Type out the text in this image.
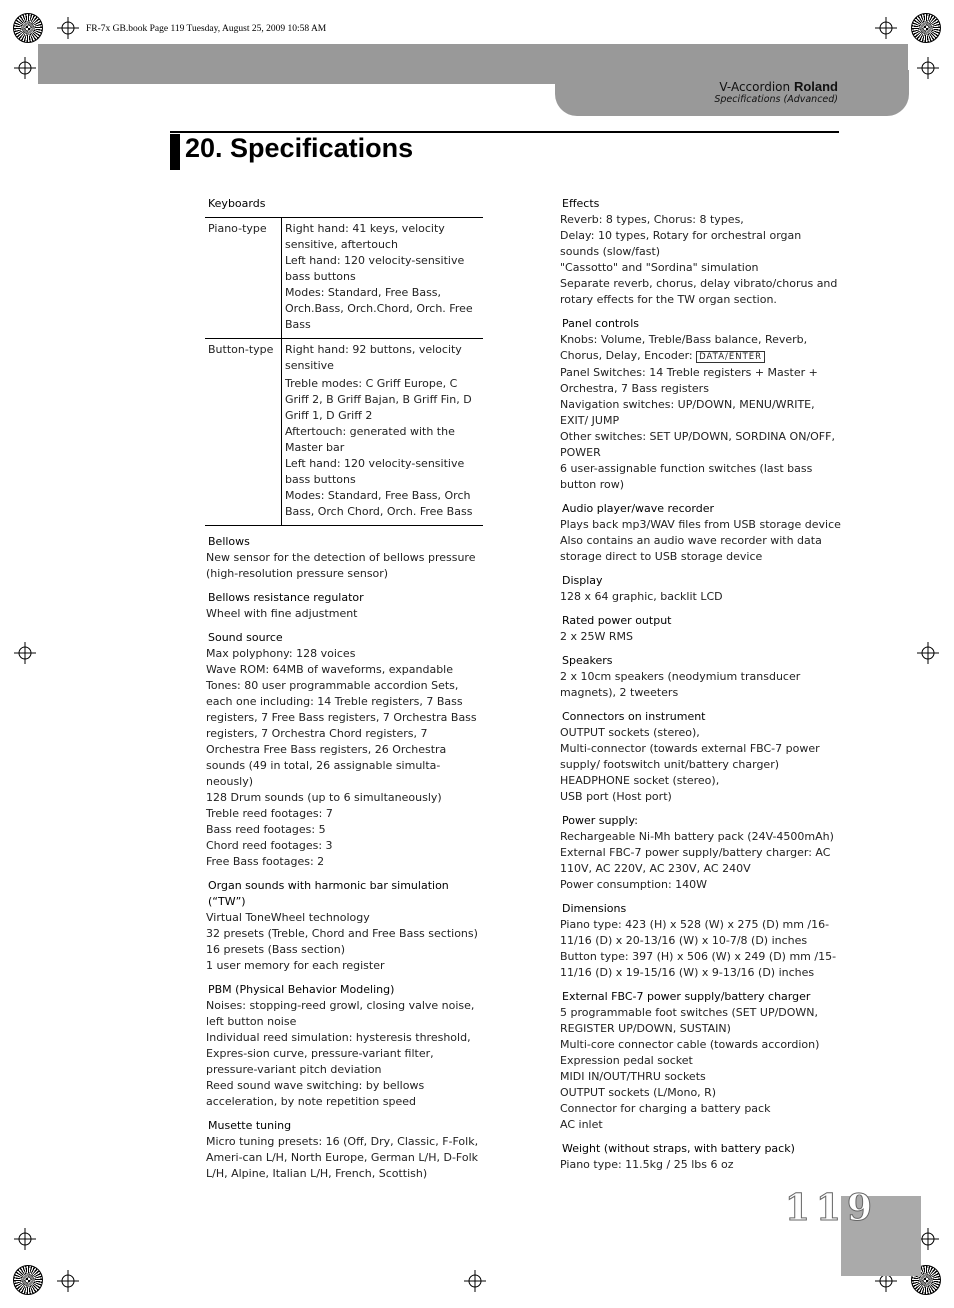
FR-7x GB.book Page 119 Tuesday, August 25, 2009 10:58 AM
V-Accordion Roland
Specifications (Advanced)
20. Specifications

Keyboards

Piano-type	Right hand: 41 keys, velocity sensitive, aftertouch

Left hand: 120 velocity-sensitive bass buttons

Modes: Standard, Free Bass, Orch.Bass, Orch.Chord, Orch. Free Bass

Button-type	Right hand: 92 buttons, velocity sensitive

Treble modes: C Griff Europe, C Griff 2, B Griff Bajan, B Griff Fin, D Griff 1, D Griff 2

Aftertouch: generated with the Master bar

Left hand: 120 velocity-sensitive bass buttons

Modes: Standard, Free Bass, Orch Bass, Orch Chord, Orch. Free Bass

Bellows

New sensor for the detection of bellows pressure (high-resolution pressure sensor)

Bellows resistance regulator

Wheel with fine adjustment

Sound source

Max polyphony: 128 voices

Wave ROM: 64MB of waveforms, expandable

Tones: 80 user programmable accordion Sets, each one including: 14 Treble registers, 7 Bass registers, 7 Free Bass registers, 7 Orchestra Bass registers, 7 Orchestra Chord registers, 7 Orchestra Free Bass registers, 26 Orchestra sounds (49 in total, 26 assignable simulta-neously)

128 Drum sounds (up to 6 simultaneously)

Treble reed footages: 7

Bass reed footages: 5

Chord reed footages: 3

Free Bass footages: 2

Organ sounds with harmonic bar simulation (“TW”)

Virtual ToneWheel technology

32 presets (Treble, Chord and Free Bass sections)

16 presets (Bass section)

1 user memory for each register

PBM (Physical Behavior Modeling)

Noises: stopping-reed growl, closing valve noise, left button noise

Individual reed simulation: hysteresis threshold, Expres-sion curve, pressure-variant filter, pressure-variant pitch deviation

Reed sound wave switching: by bellows acceleration, by note repetition speed

Musette tuning

Micro tuning presets: 16 (Off, Dry, Classic, F-Folk, Ameri-can L/H, North Europe, German L/H, D-Folk L/H, Alpine, Italian L/H, French, Scottish)

Effects

Reverb: 8 types, Chorus: 8 types,

Delay: 10 types, Rotary for orchestral organ sounds (slow/fast)

"Cassotto" and "Sordina" simulation

Separate reverb, chorus, delay vibrato/chorus and rotary effects for the TW organ section.

Panel controls

Knobs: Volume, Treble/Bass balance, Reverb, Chorus, Delay, Encoder: DATA/ENTER

Panel Switches: 14 Treble registers + Master + Orchestra, 7 Bass registers

Navigation switches: UP/DOWN, MENU/WRITE, EXIT/ JUMP

Other switches: SET UP/DOWN, SORDINA ON/OFF, POWER

6 user-assignable function switches (last bass button row)

Audio player/wave recorder

Plays back mp3/WAV files from USB storage device

Also contains an audio wave recorder with data storage direct to USB storage device

Display

128 x 64 graphic, backlit LCD

Rated power output

2 x 25W RMS

Speakers

2 x 10cm speakers (neodymium transducer magnets), 2 tweeters

Connectors on instrument

OUTPUT sockets (stereo),

Multi-connector (towards external FBC-7 power supply/ footswitch unit/battery charger)

HEADPHONE socket (stereo),

USB port (Host port)

Power supply:

Rechargeable Ni-Mh battery pack (24V-4500mAh)

External FBC-7 power supply/battery charger: AC 110V, AC 220V, AC 230V, AC 240V

Power consumption: 140W

Dimensions

Piano type: 423 (H) x 528 (W) x 275 (D) mm /16-11/16 (D) x 20-13/16 (W) x 10-7/8 (D) inches

Button type: 397 (H) x 506 (W) x 249 (D) mm /15-11/16 (D) x 19-15/16 (W) x 9-13/16 (D) inches

External FBC-7 power supply/battery charger

5 programmable foot switches (SET UP/DOWN, REGISTER UP/DOWN, SUSTAIN)

Multi-core connector cable (towards accordion)

Expression pedal socket

MIDI IN/OUT/THRU sockets

OUTPUT sockets (L/Mono, R)

Connector for charging a battery pack

AC inlet

Weight (without straps, with battery pack)

Piano type: 11.5kg / 25 lbs 6 oz

119
